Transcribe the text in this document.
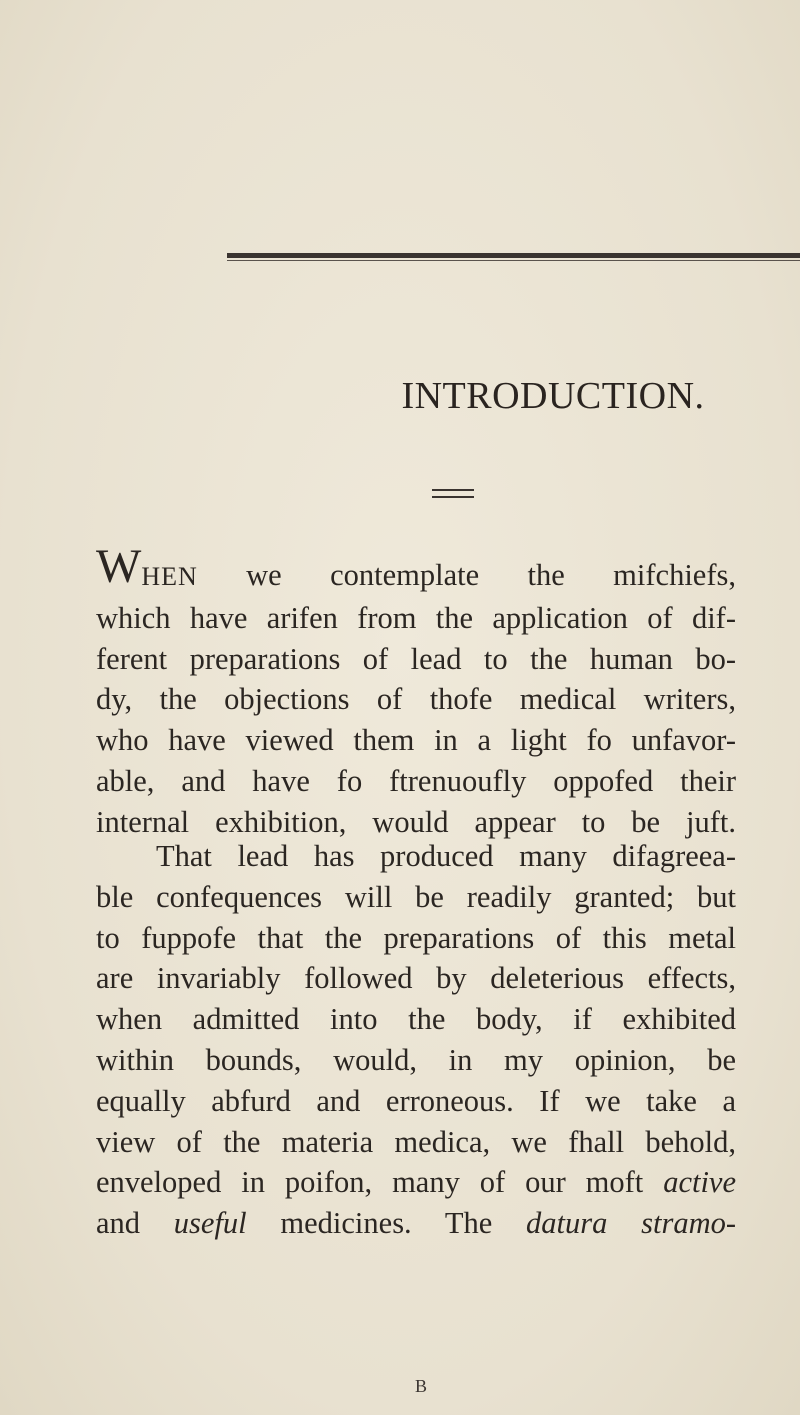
INTRODUCTION.
WHEN we contemplate the mifchiefs,
which have arifen from the application of dif-
ferent preparations of lead to the human bo-
dy, the objections of thofe medical writers,
who have viewed them in a light fo unfavor-
able, and have fo ftrenuoufly oppofed their
internal exhibition, would appear to be juft.
That lead has produced many difagreea-
ble confequences will be readily granted; but
to fuppofe that the preparations of this metal
are invariably followed by deleterious effects,
when admitted into the body, if exhibited
within bounds, would, in my opinion, be
equally abfurd and erroneous. If we take a
view of the materia medica, we fhall behold,
enveloped in poifon, many of our moft active
and useful medicines. The datura stramo-
B
